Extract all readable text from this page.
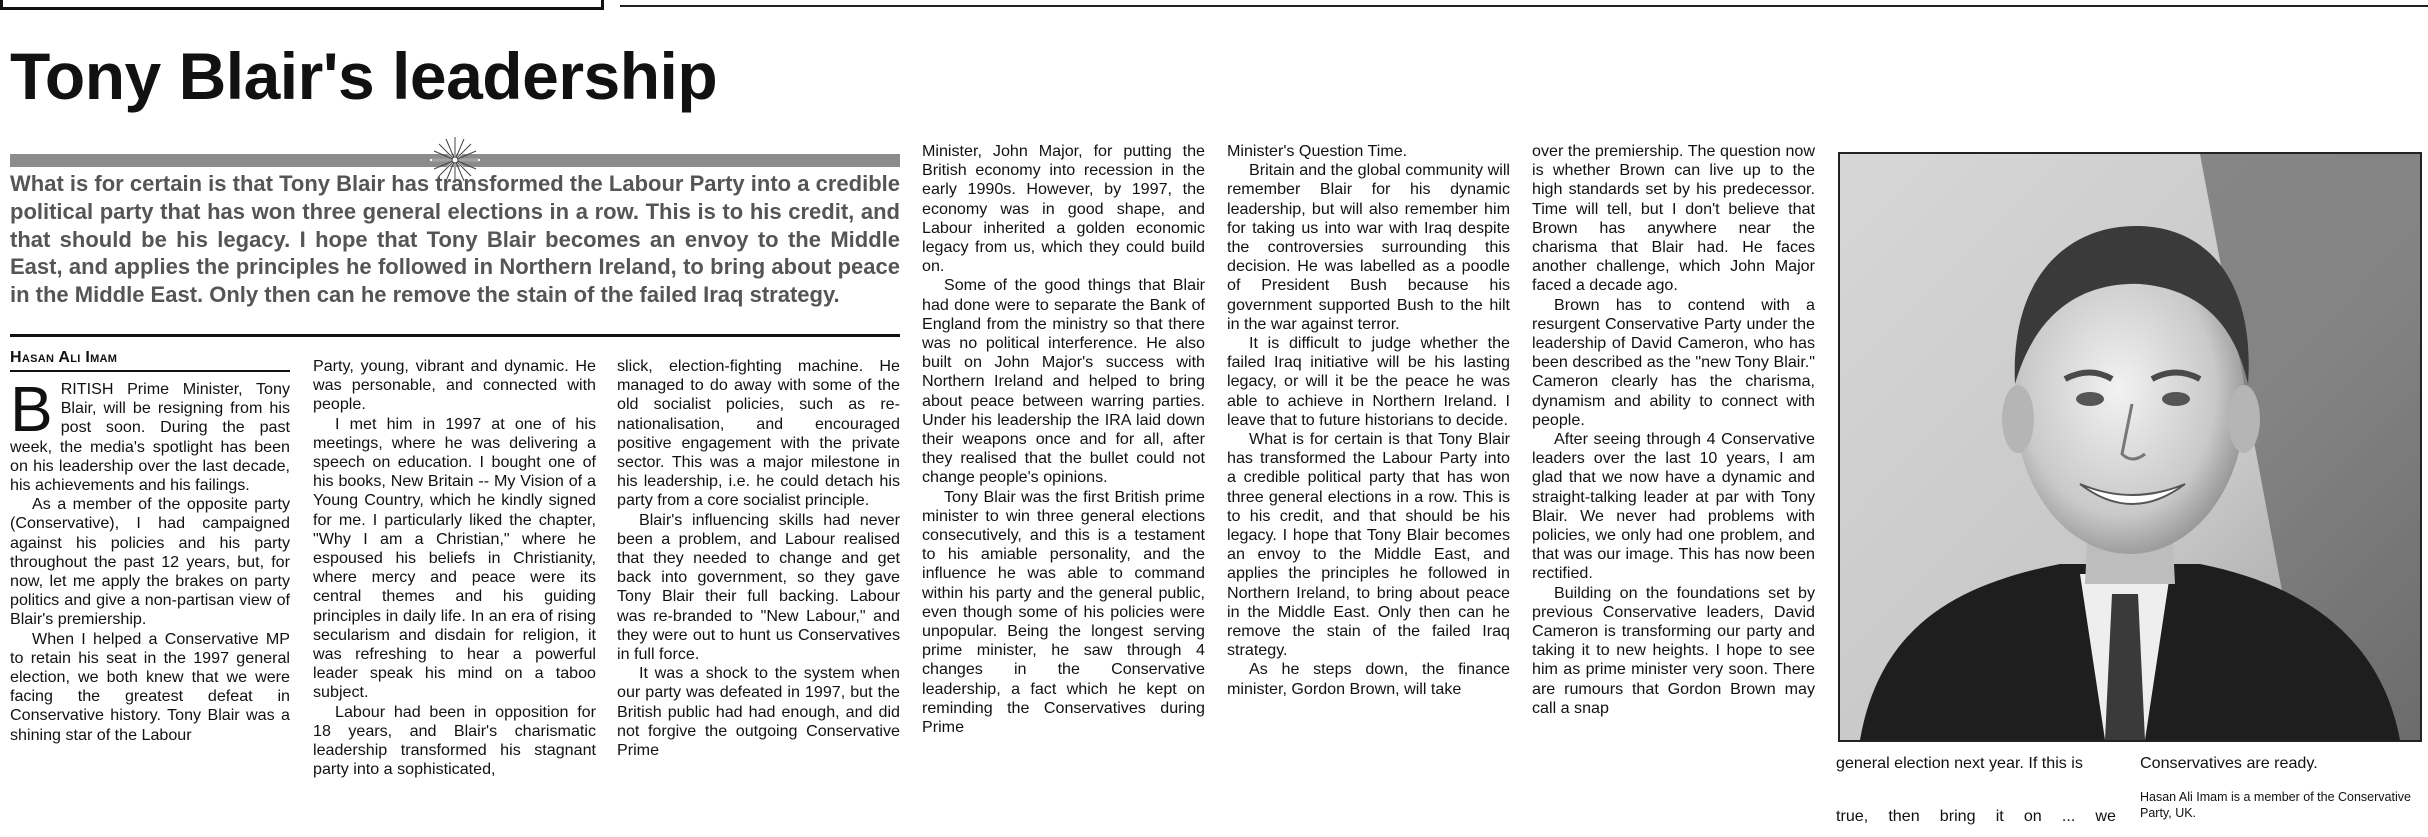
Tony Blair's leadership

What is for certain is that Tony Blair has transformed the Labour Party into a credible political party that has won three general elections in a row. This is to his credit, and that should be his legacy. I hope that Tony Blair becomes an envoy to the Middle East, and applies the principles he followed in Northern Ireland, to bring about peace in the Middle East. Only then can he remove the stain of the failed Iraq strategy.

Hasan Ali Imam

BRITISH Prime Minister, Tony Blair, will be resigning from his post soon. During the past week, the media's spotlight has been on his leadership over the last decade, his achievements and his failings.

As a member of the opposite party (Conservative), I had campaigned against his policies and his party throughout the past 12 years, but, for now, let me apply the brakes on party politics and give a non-partisan view of Blair's premiership.

When I helped a Conservative MP to retain his seat in the 1997 general election, we both knew that we were facing the greatest defeat in Conservative history. Tony Blair was a shining star of the Labour

Party, young, vibrant and dynamic. He was personable, and connected with people.

I met him in 1997 at one of his meetings, where he was delivering a speech on education. I bought one of his books, New Britain -- My Vision of a Young Country, which he kindly signed for me. I particularly liked the chapter, "Why I am a Christian," where he espoused his beliefs in Christianity, where mercy and peace were its central themes and his guiding principles in daily life. In an era of rising secularism and disdain for religion, it was refreshing to hear a powerful leader speak his mind on a taboo subject.

Labour had been in opposition for 18 years, and Blair's charismatic leadership transformed his stagnant party into a sophisticated,

slick, election-fighting machine. He managed to do away with some of the old socialist policies, such as re-nationalisation, and encouraged positive engagement with the private sector. This was a major milestone in his leadership, i.e. he could detach his party from a core socialist principle.

Blair's influencing skills had never been a problem, and Labour realised that they needed to change and get back into government, so they gave Tony Blair their full backing. Labour was re-branded to "New Labour," and they were out to hunt us Conservatives in full force.

It was a shock to the system when our party was defeated in 1997, but the British public had had enough, and did not forgive the outgoing Conservative Prime

Minister, John Major, for putting the British economy into recession in the early 1990s. However, by 1997, the economy was in good shape, and Labour inherited a golden economic legacy from us, which they could build on.

Some of the good things that Blair had done were to separate the Bank of England from the ministry so that there was no political interference. He also built on John Major's success with Northern Ireland and helped to bring about peace between warring parties. Under his leadership the IRA laid down their weapons once and for all, after they realised that the bullet could not change people's opinions.

Tony Blair was the first British prime minister to win three general elections consecutively, and this is a testament to his amiable personality, and the influence he was able to command within his party and the general public, even though some of his policies were unpopular. Being the longest serving prime minister, he saw through 4 changes in the Conservative leadership, a fact which he kept on reminding the Conservatives during Prime

Minister's Question Time.

Britain and the global community will remember Blair for his dynamic leadership, but will also remember him for taking us into war with Iraq despite the controversies surrounding this decision. He was labelled as a poodle of President Bush because his government supported Bush to the hilt in the war against terror.

It is difficult to judge whether the failed Iraq initiative will be his lasting legacy, or will it be the peace he was able to achieve in Northern Ireland. I leave that to future historians to decide.

What is for certain is that Tony Blair has transformed the Labour Party into a credible political party that has won three general elections in a row. This is to his credit, and that should be his legacy. I hope that Tony Blair becomes an envoy to the Middle East, and applies the principles he followed in Northern Ireland, to bring about peace in the Middle East. Only then can he remove the stain of the failed Iraq strategy.

As he steps down, the finance minister, Gordon Brown, will take

over the premiership. The question now is whether Brown can live up to the high standards set by his predecessor. Time will tell, but I don't believe that Brown has anywhere near the charisma that Blair had. He faces another challenge, which John Major faced a decade ago.

Brown has to contend with a resurgent Conservative Party under the leadership of David Cameron, who has been described as the "new Tony Blair." Cameron clearly has the charisma, dynamism and ability to connect with people.

After seeing through 4 Conservative leaders over the last 10 years, I am glad that we now have a dynamic and straight-talking leader at par with Tony Blair. We never had problems with policies, we only had one problem, and that was our image. This has now been rectified.

Building on the foundations set by previous Conservative leaders, David Cameron is transforming our party and taking it to new heights. I hope to see him as prime minister very soon. There are rumours that Gordon Brown may call a snap

general election next year. If this is
true, then bring it on ... we
Conservatives are ready.
Hasan Ali Imam is a member of the Conservative Party, UK.
